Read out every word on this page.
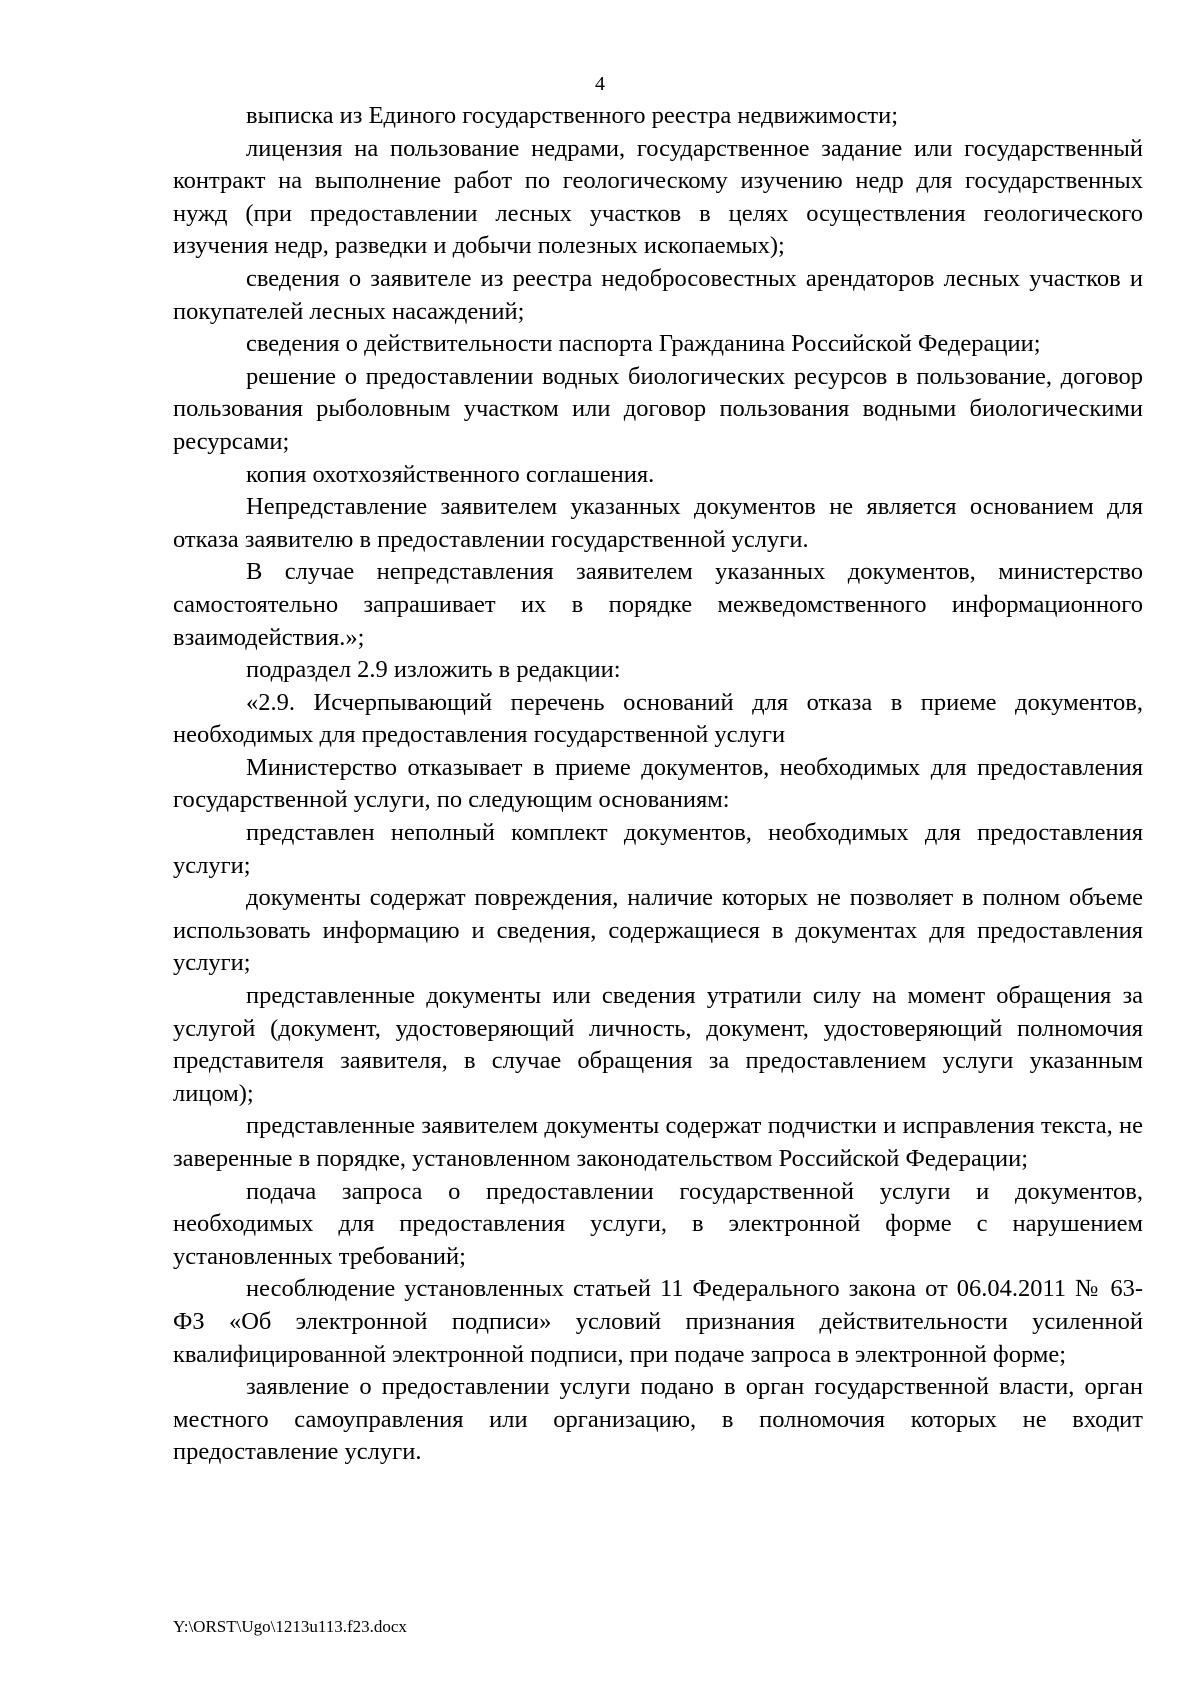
4

выписка из Единого государственного реестра недвижимости;

лицензия на пользование недрами, государственное задание или государственный контракт на выполнение работ по геологическому изучению недр для государственных нужд (при предоставлении лесных участков в целях осуществления геологического изучения недр, разведки и добычи полезных ископаемых);

сведения о заявителе из реестра недобросовестных арендаторов лесных участков и покупателей лесных насаждений;

сведения о действительности паспорта Гражданина Российской Федерации;

решение о предоставлении водных биологических ресурсов в пользование, договор пользования рыболовным участком или договор пользования водными биологическими ресурсами;

копия охотхозяйственного соглашения.

Непредставление заявителем указанных документов не является основанием для отказа заявителю в предоставлении государственной услуги.

В случае непредставления заявителем указанных документов, министерство самостоятельно запрашивает их в порядке межведомственного информационного взаимодействия.»;

подраздел 2.9 изложить в редакции:

«2.9. Исчерпывающий перечень оснований для отказа в приеме документов, необходимых для предоставления государственной услуги

Министерство отказывает в приеме документов, необходимых для предоставления государственной услуги, по следующим основаниям:

представлен неполный комплект документов, необходимых для предоставления услуги;

документы содержат повреждения, наличие которых не позволяет в полном объеме использовать информацию и сведения, содержащиеся в документах для предоставления услуги;

представленные документы или сведения утратили силу на момент обращения за услугой (документ, удостоверяющий личность, документ, удостоверяющий полномочия представителя заявителя, в случае обращения за предоставлением услуги указанным лицом);

представленные заявителем документы содержат подчистки и исправления текста, не заверенные в порядке, установленном законодательством Российской Федерации;

подача запроса о предоставлении государственной услуги и документов, необходимых для предоставления услуги, в электронной форме с нарушением установленных требований;

несоблюдение установленных статьей 11 Федерального закона от 06.04.2011 № 63-ФЗ «Об электронной подписи» условий признания действительности усиленной квалифицированной электронной подписи, при подаче запроса в электронной форме;

заявление о предоставлении услуги подано в орган государственной власти, орган местного самоуправления или организацию, в полномочия которых не входит предоставление услуги.

Y:\ORST\Ugo\1213u113.f23.docx
